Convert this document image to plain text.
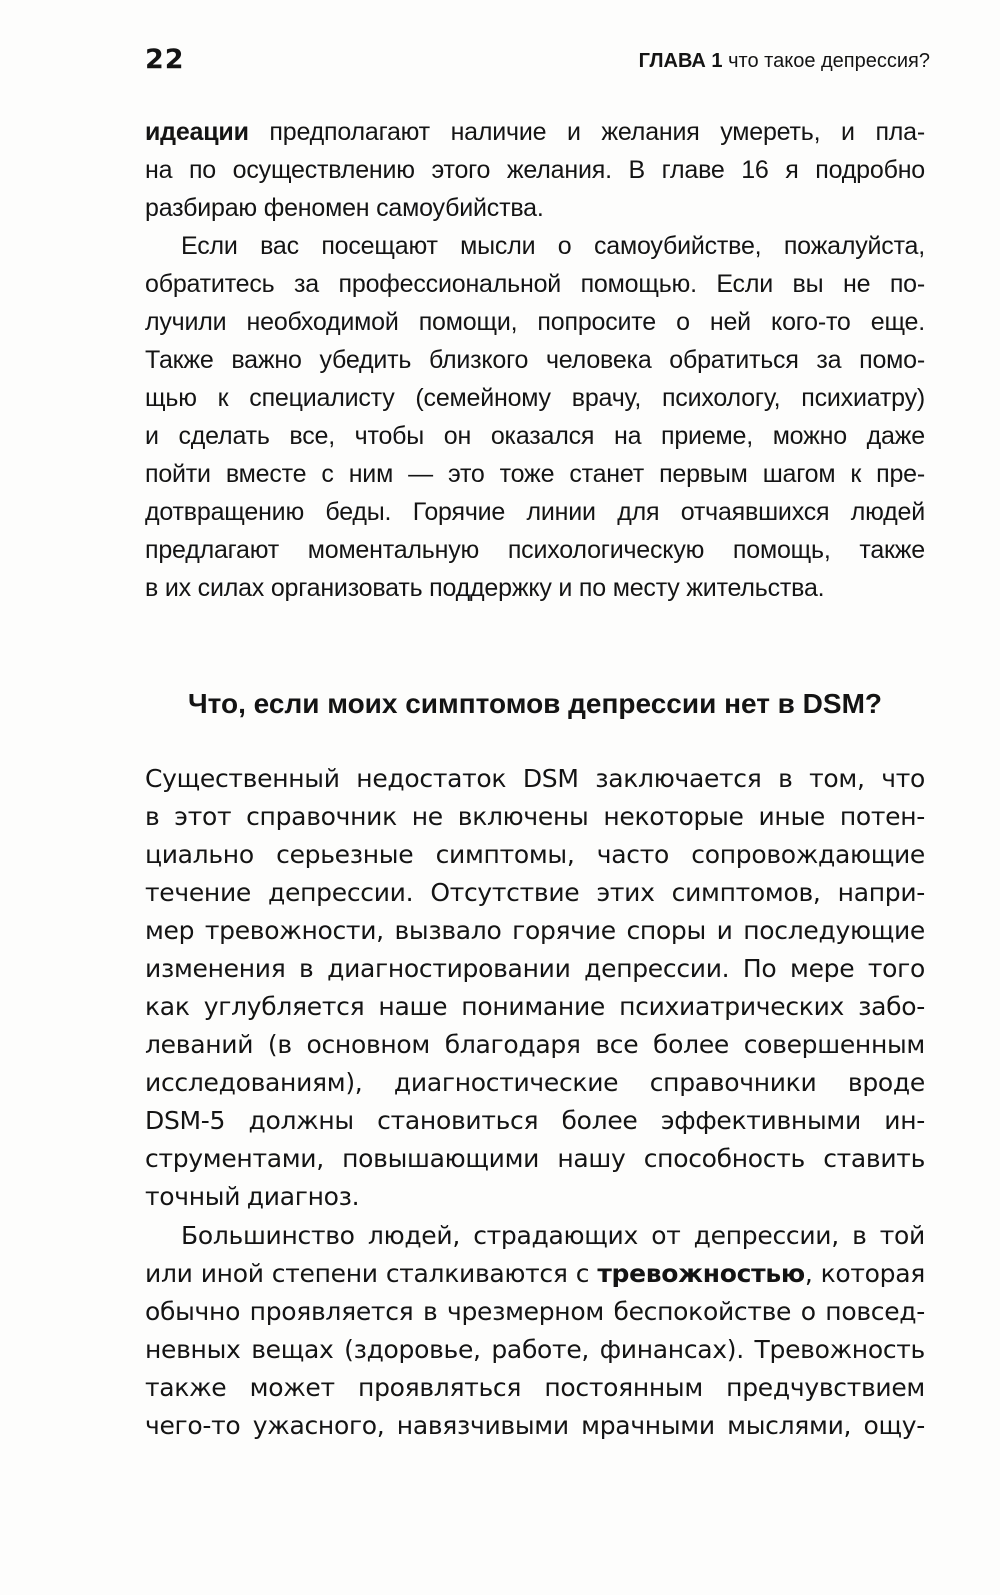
22	ГЛАВА 1 что такое депрессия?
идеации предполагают наличие и желания умереть, и пла-
на по осуществлению этого желания. В главе 16 я подробно
разбираю феномен самоубийства.
Если вас посещают мысли о самоубийстве, пожалуйста,
обратитесь за профессиональной помощью. Если вы не по-
лучили необходимой помощи, попросите о ней кого-то еще.
Также важно убедить близкого человека обратиться за помо-
щью к специалисту (семейному врачу, психологу, психиатру)
и сделать все, чтобы он оказался на приеме, можно даже
пойти вместе с ним — это тоже станет первым шагом к пре-
дотвращению беды. Горячие линии для отчаявшихся людей
предлагают моментальную психологическую помощь, также
в их силах организовать поддержку и по месту жительства.
Что, если моих симптомов депрессии нет в DSM?
Существенный недостаток DSM заключается в том, что
в этот справочник не включены некоторые иные потен-
циально серьезные симптомы, часто сопровождающие
течение депрессии. Отсутствие этих симптомов, напри-
мер тревожности, вызвало горячие споры и последующие
изменения в диагностировании депрессии. По мере того
как углубляется наше понимание психиатрических забо-
леваний (в основном благодаря все более совершенным
исследованиям), диагностические справочники вроде
DSM-5 должны становиться более эффективными ин-
струментами, повышающими нашу способность ставить
точный диагноз.
Большинство людей, страдающих от депрессии, в той
или иной степени сталкиваются с тревожностью, которая
обычно проявляется в чрезмерном беспокойстве о повсед-
невных вещах (здоровье, работе, финансах). Тревожность
также может проявляться постоянным предчувствием
чего-то ужасного, навязчивыми мрачными мыслями, ощу-
